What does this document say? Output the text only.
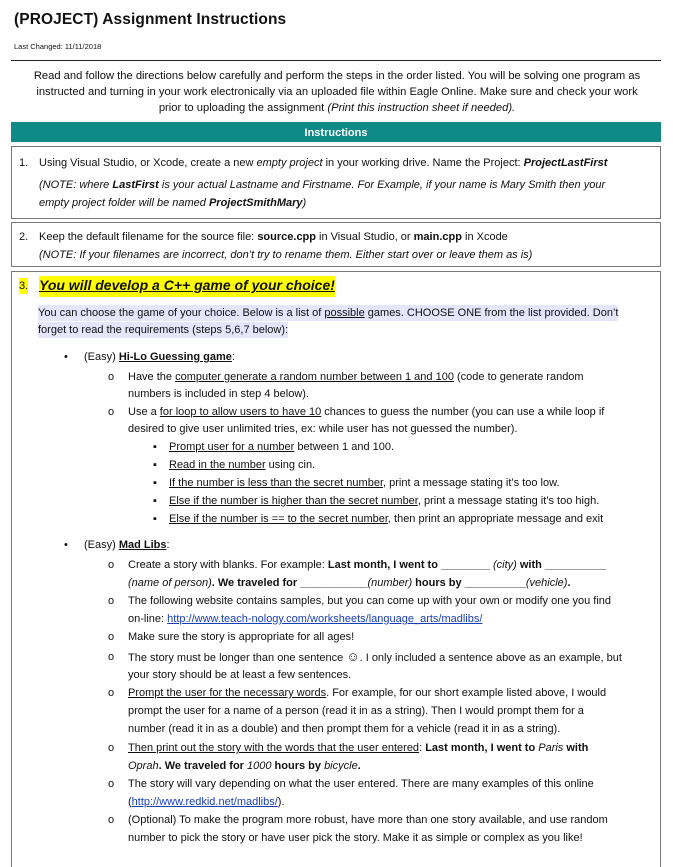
(PROJECT) Assignment Instructions
Last Changed: 11/11/2018
Read and follow the directions below carefully and perform the steps in the order listed. You will be solving one program as
instructed and turning in your work electronically via an uploaded file within Eagle Online. Make sure and check your work
prior to uploading the assignment (Print this instruction sheet if needed).
Instructions
1. Using Visual Studio, or Xcode, create a new empty project in your working drive. Name the Project: ProjectLastFirst
(NOTE: where LastFirst is your actual Lastname and Firstname. For Example, if your name is Mary Smith then your
empty project folder will be named ProjectSmithMary)
2. Keep the default filename for the source file: source.cpp in Visual Studio, or main.cpp in Xcode
(NOTE: If your filenames are incorrect, don’t try to rename them. Either start over or leave them as is)
3. You will develop a C++ game of your choice!
You can choose the game of your choice. Below is a list of possible games. CHOOSE ONE from the list provided. Don’t
forget to read the requirements (steps 5,6,7 below):
• (Easy) Hi-Lo Guessing game:
o Have the computer generate a random number between 1 and 100 (code to generate random
numbers is included in step 4 below).
o Use a for loop to allow users to have 10 chances to guess the number (you can use a while loop if
desired to give user unlimited tries, ex: while user has not guessed the number).
▪ Prompt user for a number between 1 and 100.
▪ Read in the number using cin.
▪ If the number is less than the secret number, print a message stating it’s too low.
▪ Else if the number is higher than the secret number, print a message stating it’s too high.
▪ Else if the number is == to the secret number, then print an appropriate message and exit
• (Easy) Mad Libs:
o Create a story with blanks. For example: Last month, I went to ________ (city) with __________
(name of person). We traveled for ___________(number) hours by __________(vehicle).
o The following website contains samples, but you can come up with your own or modify one you find
on-line: http://www.teach-nology.com/worksheets/language_arts/madlibs/
o Make sure the story is appropriate for all ages!
o The story must be longer than one sentence ☺. I only included a sentence above as an example, but
your story should be at least a few sentences.
o Prompt the user for the necessary words. For example, for our short example listed above, I would
prompt the user for a name of a person (read it in as a string). Then I would prompt them for a
number (read it in as a double) and then prompt them for a vehicle (read it in as a string).
o Then print out the story with the words that the user entered: Last month, I went to Paris with
Oprah. We traveled for 1000 hours by bicycle.
o The story will vary depending on what the user entered. There are many examples of this online
(http://www.redkid.net/madlibs/).
o (Optional) To make the program more robust, have more than one story available, and use random
number to pick the story or have user pick the story. Make it as simple or complex as you like!
